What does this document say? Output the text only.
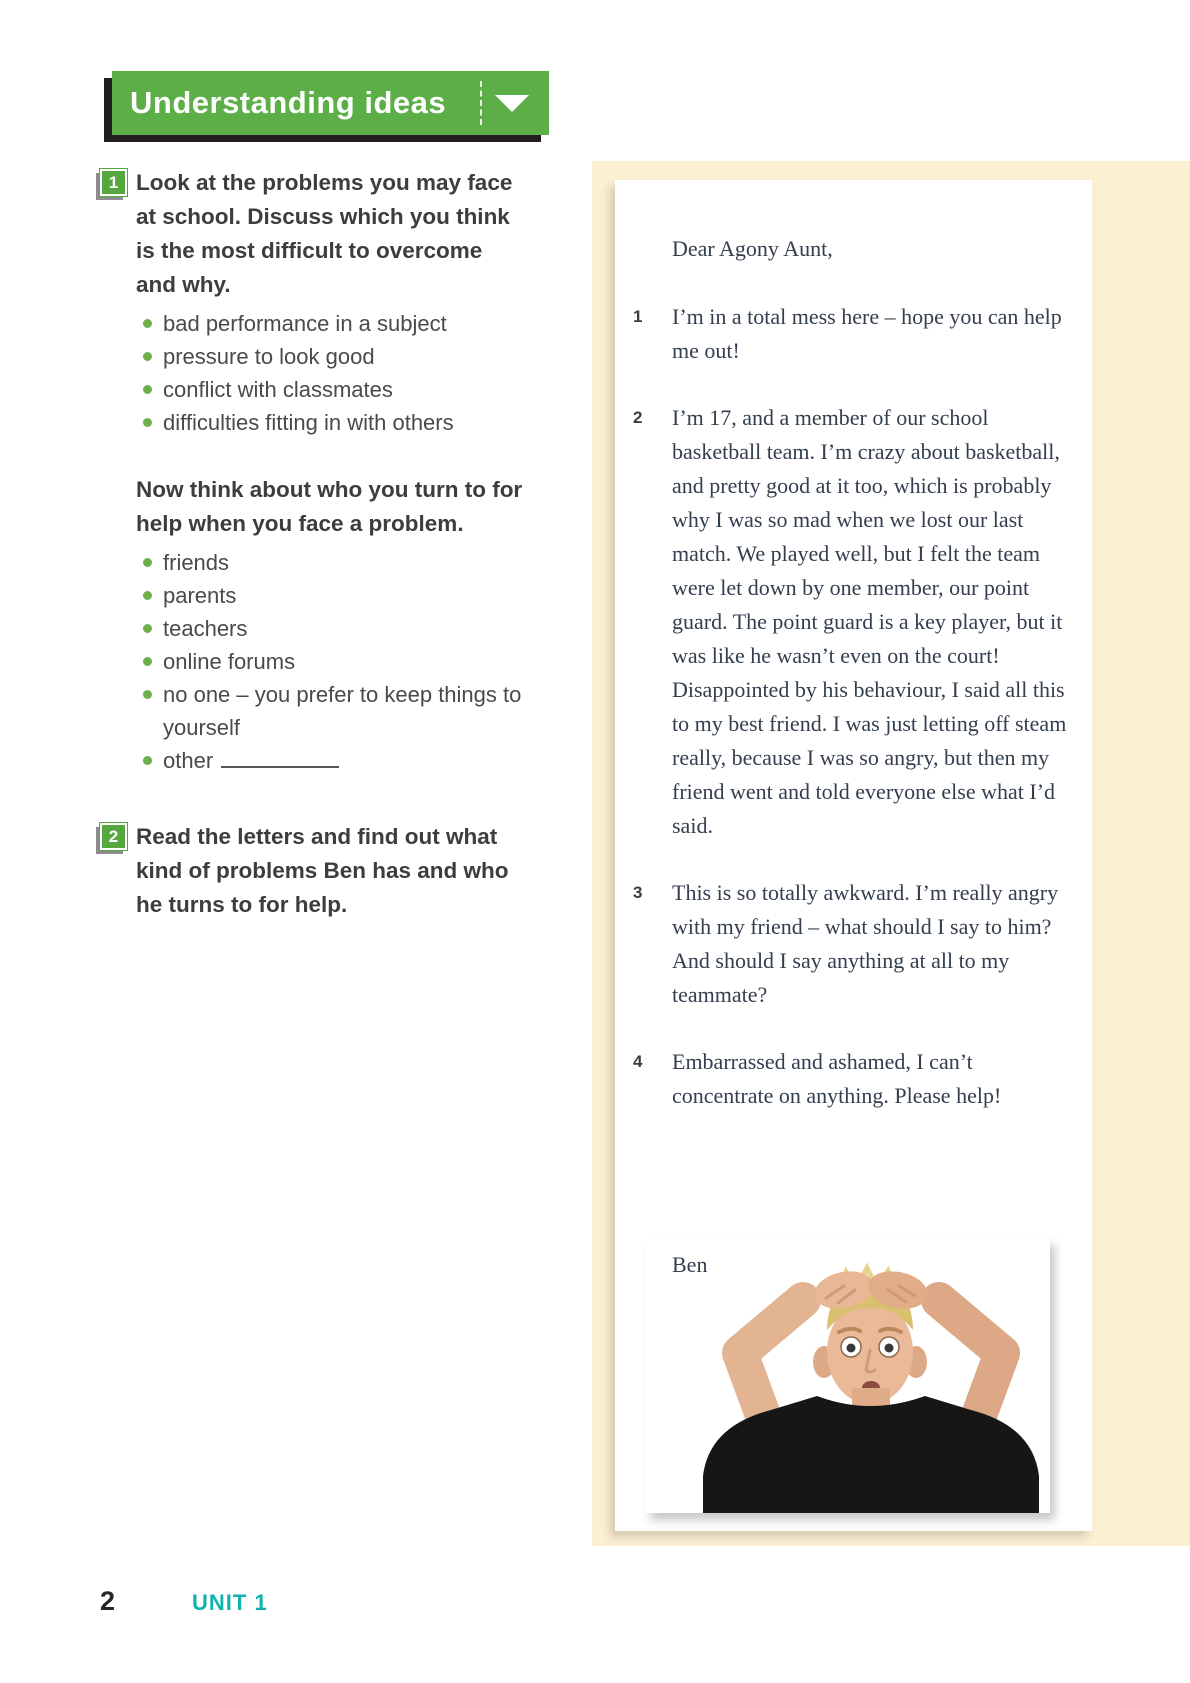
Understanding ideas
1 Look at the problems you may face at school. Discuss which you think is the most difficult to overcome and why.
bad performance in a subject
pressure to look good
conflict with classmates
difficulties fitting in with others
Now think about who you turn to for help when you face a problem.
friends
parents
teachers
online forums
no one – you prefer to keep things to yourself
other
2 Read the letters and find out what kind of problems Ben has and who he turns to for help.

Dear Agony Aunt,

1	I’m in a total mess here – hope you can help me out!
2	I’m 17, and a member of our school basketball team. I’m crazy about basketball, and pretty good at it too, which is probably why I was so mad when we lost our last match. We played well, but I felt the team were let down by one member, our point guard. The point guard is a key player, but it was like he wasn’t even on the court! Disappointed by his behaviour, I said all this to my best friend. I was just letting off steam really, because I was so angry, but then my friend went and told everyone else what I’d said.
3	This is so totally awkward. I’m really angry with my friend – what should I say to him? And should I say anything at all to my teammate?
4	Embarrassed and ashamed, I can’t concentrate on anything. Please help!
Ben
2	UNIT 1
